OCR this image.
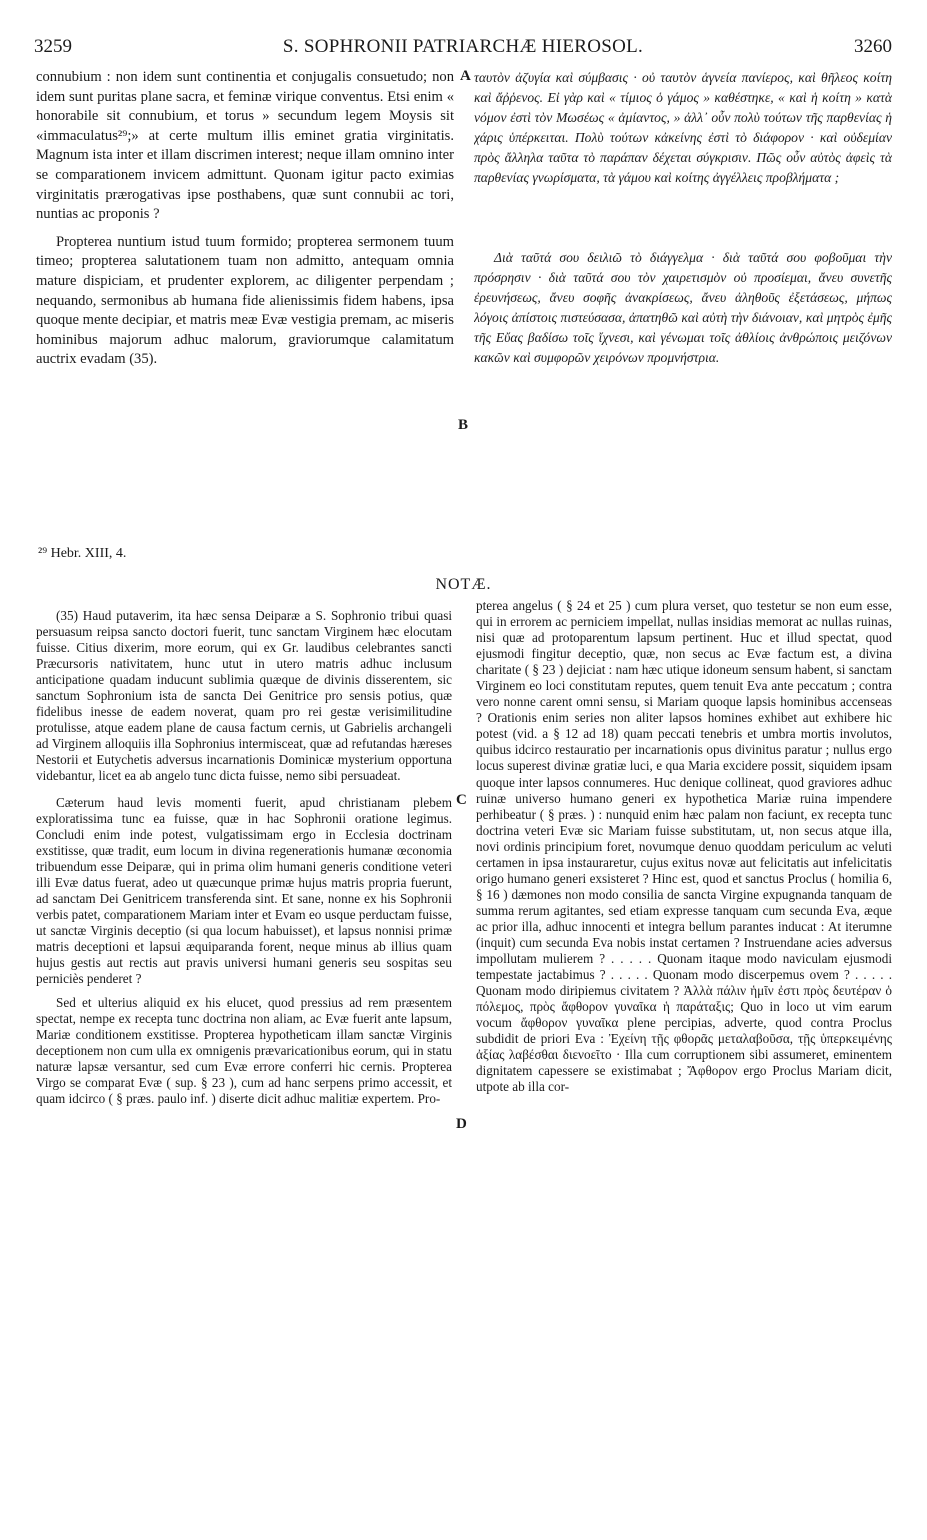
3259	S. SOPHRONII PATRIARCHÆ HIEROSOL.	3260

connubium : non idem sunt continentia et conjugalis consuetudo; non idem sunt puritas plane sacra, et feminæ virique conventus. Etsi enim « honorabile sit connubium, et torus » secundum legem Moysis sit «immaculatus²⁹;» at certe multum illis eminet gratia virginitatis. Magnum ista inter et illam discrimen interest; neque illam omnino inter se comparationem invicem admittunt. Quonam igitur pacto eximias virginitatis prærogativas ipse posthabens, quæ sunt connubii ac tori, nuntias ac proponis ?

Propterea nuntium istud tuum formido; propterea sermonem tuum timeo; propterea salutationem tuam non admitto, antequam omnia mature dispiciam, et prudenter explorem, ac diligenter perpendam ; nequando, sermonibus ab humana fide alienissimis fidem habens, ipsa quoque mente decipiar, et matris meæ Evæ vestigia premam, ac miseris hominibus majorum adhuc malorum, graviorumque calamitatum auctrix evadam (35).

A ταυτὸν ἀζυγία καὶ σύμβασις · οὐ ταυτὸν ἁγνεία πανίερος, καὶ θῆλεος κοίτη καὶ ἄῤῥενος. Εἰ γὰρ καὶ « τίμιος ὁ γάμος » καθέστηκε, « καὶ ἡ κοίτη » κατὰ νόμον ἐστὶ τὸν Μωσέως « ἀμίαντος, » ἀλλ᾽ οὖν πολὺ τούτων τῆς παρθενίας ἡ χάρις ὑπέρκειται. Πολὺ τούτων κἀκείνης ἐστὶ τὸ διάφορον · καὶ οὐδεμίαν πρὸς ἄλληλα ταῦτα τὸ παράπαν δέχεται σύγκρισιν. Πῶς οὖν αὐτὸς ἀφεὶς τὰ παρθενίας γνωρίσματα, τὰ γάμου καὶ κοίτης ἀγγέλλεις προβλήματα ;

Διὰ ταῦτά σου δειλιῶ τὸ διάγγελμα · διὰ ταῦτά σου φοβοῦμαι τὴν πρόσρησιν · διὰ ταῦτά σου τὸν χαιρετισμὸν οὐ προσίεμαι, ἄνευ συνετῆς ἐρευνήσεως, ἄνευ σοφῆς ἀνακρίσεως, ἄνευ ἀληθοῦς ἐξετάσεως, μήπως λόγοις ἀπίστοις πιστεύσασα, ἀπατηθῶ καὶ αὐτὴ τὴν διάνοιαν, καὶ μητρὸς ἐμῆς τῆς Εὔας βαδίσω τοῖς ἴχνεσι, καὶ γένωμαι τοῖς ἀθλίοις ἀνθρώποις μειζόνων κακῶν καὶ συμφορῶν χειρόνων προμνήστρια.

B
²⁹ Hebr. XIII, 4.
NOTÆ.

(35) Haud putaverim, ita hæc sensa Deiparæ a S. Sophronio tribui quasi persuasum reipsa sancto doctori fuerit, tunc sanctam Virginem hæc elocutam fuisse. Citius dixerim, more eorum, qui ex Gr. laudibus celebrantes sancti Præcursoris nativitatem, hunc utut in utero matris adhuc inclusum anticipatione quadam inducunt sublimia quæque de divinis disserentem, sic sanctum Sophronium ista de sancta Dei Genitrice pro sensis potius, quæ fidelibus inesse de eadem noverat, quam pro rei gestæ verisimilitudine protulisse, atque eadem plane de causa factum cernis, ut Gabrielis archangeli ad Virginem alloquiis illa Sophronius intermisceat, quæ ad refutandas hæreses Nestorii et Eutychetis adversus incarnationis Dominicæ mysterium opportuna videbantur, licet ea ab angelo tunc dicta fuisse, nemo sibi persuadeat.

Cæterum haud levis momenti fuerit, apud christianam plebem exploratissima tunc ea fuisse, quæ in hac Sophronii oratione legimus. Concludi enim inde potest, vulgatissimam ergo in Ecclesia doctrinam exstitisse, quæ tradit, eum locum in divina regenerationis humanæ œconomia tribuendum esse Deiparæ, qui in prima olim humani generis conditione veteri illi Evæ datus fuerat, adeo ut quæcunque primæ hujus matris propria fuerunt, ad sanctam Dei Genitricem transferenda sint. Et sane, nonne ex his Sophronii verbis patet, comparationem Mariam inter et Evam eo usque perductam fuisse, ut sanctæ Virginis deceptio (si qua locum habuisset), et lapsus nonnisi primæ matris deceptioni et lapsui æquiparanda forent, neque minus ab illius quam hujus gestis aut rectis aut pravis universi humani generis seu sospitas seu perniciès penderet ?

Sed et ulterius aliquid ex his elucet, quod pressius ad rem præsentem spectat, nempe ex recepta tunc doctrina non aliam, ac Evæ fuerit ante lapsum, Mariæ conditionem exstitisse. Propterea hypotheticam illam sanctæ Virginis deceptionem non cum ulla ex omnigenis prævaricationibus eorum, qui in statu naturæ lapsæ versantur, sed cum Evæ errore conferri hic cernis. Propterea Virgo se comparat Evæ ( sup. § 23 ), cum ad hanc serpens primo accessit, et quam idcirco ( § præs. paulo inf. ) diserte dicit adhuc malitiæ expertem. Pro-

C
D

pterea angelus ( § 24 et 25 ) cum plura verset, quo testetur se non eum esse, qui in errorem ac perniciem impellat, nullas insidias memorat ac nullas ruinas, nisi quæ ad protoparentum lapsum pertinent. Huc et illud spectat, quod ejusmodi fingitur deceptio, quæ, non secus ac Evæ factum est, a divina charitate ( § 23 ) dejiciat : nam hæc utique idoneum sensum habent, si sanctam Virginem eo loci constitutam reputes, quem tenuit Eva ante peccatum ; contra vero nonne carent omni sensu, si Mariam quoque lapsis hominibus accenseas ? Orationis enim series non aliter lapsos homines exhibet aut exhibere hic potest (vid. a § 12 ad 18) quam peccati tenebris et umbra mortis involutos, quibus idcirco restauratio per incarnationis opus divinitus paratur ; nullus ergo locus superest divinæ gratiæ luci, e qua Maria excidere possit, siquidem ipsam quoque inter lapsos connumeres. Huc denique collineat, quod graviores adhuc ruinæ universo humano generi ex hypothetica Mariæ ruina impendere perhibeatur ( § præs. ) : nunquid enim hæc palam non faciunt, ex recepta tunc doctrina veteri Evæ sic Mariam fuisse substitutam, ut, non secus atque illa, novi ordinis principium foret, novumque denuo quoddam periculum ac veluti certamen in ipsa instauraretur, cujus exitus novæ aut felicitatis aut infelicitatis origo humano generi exsisteret ? Hinc est, quod et sanctus Proclus ( homilia 6, § 16 ) dæmones non modo consilia de sancta Virgine expugnanda tanquam de summa rerum agitantes, sed etiam expresse tanquam cum secunda Eva, æque ac prior illa, adhuc innocenti et integra bellum parantes inducat : At iterumne (inquit) cum secunda Eva nobis instat certamen ? Instruendane acies adversus impollutam mulierem ? . . . . . Quonam itaque modo naviculam ejusmodi tempestate jactabimus ? . . . . . Quonam modo discerpemus ovem ? . . . . . Quonam modo diripiemus civitatem ? Ἀλλὰ πάλιν ἡμῖν ἐστι πρὸς δευτέραν ὁ πόλεμος, πρὸς ἄφθορον γυναῖκα ἡ παράταξις; Quo in loco ut vim earum vocum ἄφθορον γυναῖκα plene percipias, adverte, quod contra Proclus subdidit de priori Eva : Ἐχείνη τῇς φθορᾶς μεταλαβοῦσα, τῇς ὑπερκειμένης ἀξίας λαβέσθαι διενοεῖτο · Illa cum corruptionem sibi assumeret, eminentem dignitatem capessere se existimabat ; Ἄφθορον ergo Proclus Mariam dicit, utpote ab illa cor-
